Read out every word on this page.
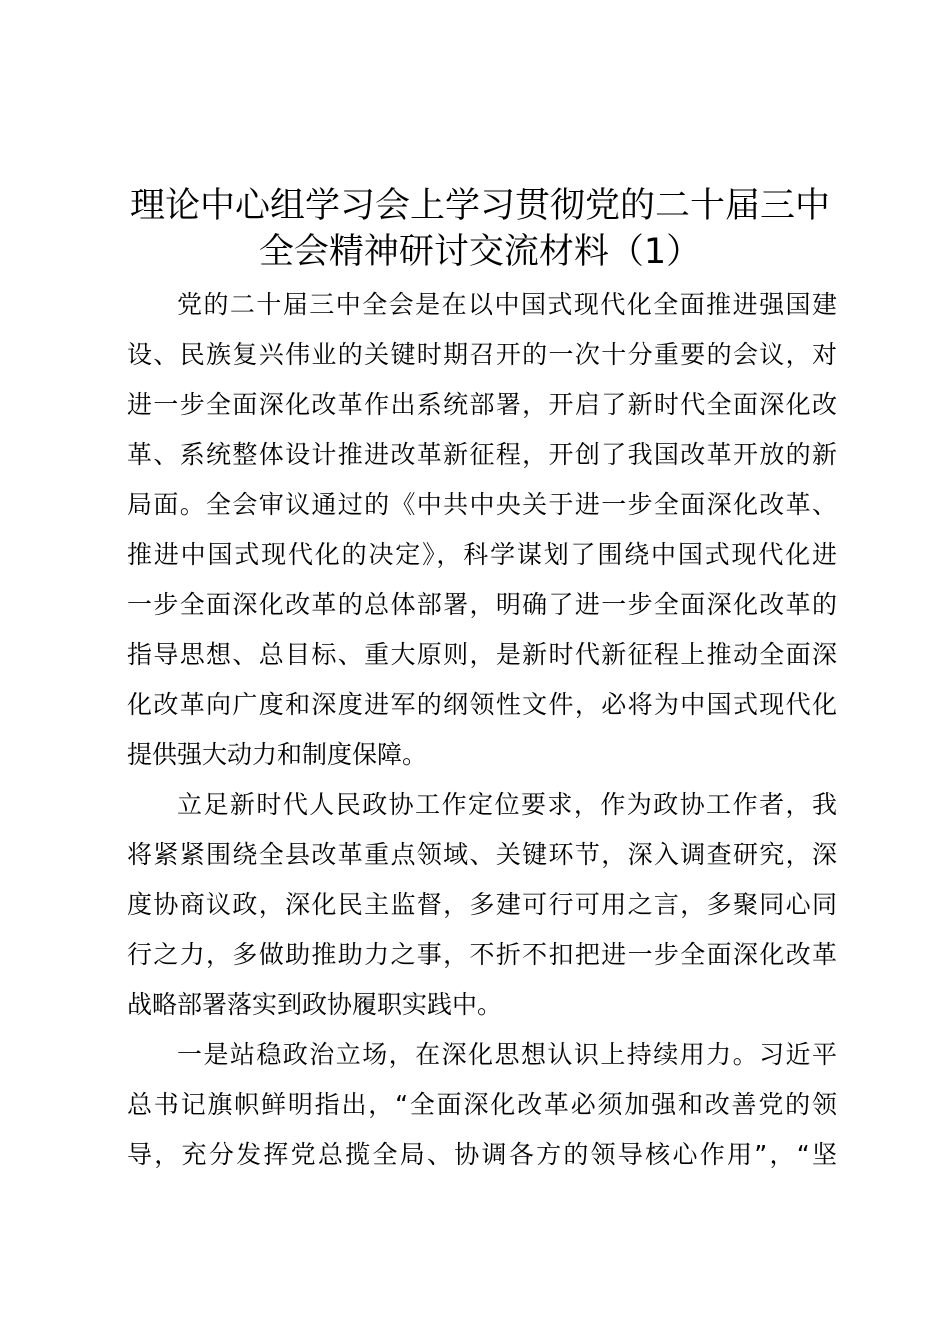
理论中心组学习会上学习贯彻党的二十届三中
全会精神研讨交流材料（1）
党的二十届三中全会是在以中国式现代化全面推进强国建
设、民族复兴伟业的关键时期召开的一次十分重要的会议，对
进一步全面深化改革作出系统部署，开启了新时代全面深化改
革、系统整体设计推进改革新征程，开创了我国改革开放的新
局面。全会审议通过的《中共中央关于进一步全面深化改革、
推进中国式现代化的决定》，科学谋划了围绕中国式现代化进
一步全面深化改革的总体部署，明确了进一步全面深化改革的
指导思想、总目标、重大原则，是新时代新征程上推动全面深
化改革向广度和深度进军的纲领性文件，必将为中国式现代化
提供强大动力和制度保障。
立足新时代人民政协工作定位要求，作为政协工作者，我
将紧紧围绕全县改革重点领域、关键环节，深入调查研究，深
度协商议政，深化民主监督，多建可行可用之言，多聚同心同
行之力，多做助推助力之事，不折不扣把进一步全面深化改革
战略部署落实到政协履职实践中。
一是站稳政治立场，在深化思想认识上持续用力。习近平
总书记旗帜鲜明指出，“全面深化改革必须加强和改善党的领
导，充分发挥党总揽全局、协调各方的领导核心作用”，“坚
